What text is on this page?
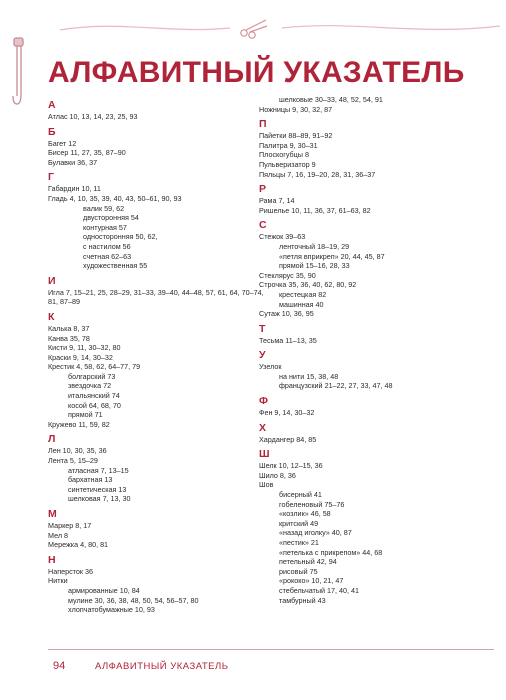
АЛФАВИТНЫЙ УКАЗАТЕЛЬ
А
Атлас 10, 13, 14, 23, 25, 93
Б
Багет 12
Бисер 11, 27, 35, 87–90
Булавки 36, 37
Г
Габардин 10, 11
Гладь 4, 10, 35, 39, 40, 43, 50–61, 90, 93
валик 59, 62
двусторонняя 54
контурная 57
односторонняя 50, 62,
с настилом 56
счетная 62–63
художественная 55
И
Игла 7, 15–21, 25, 28–29, 31–33, 39–40, 44–48, 57, 61, 64, 70–74, 81, 87–89
К
Калька 8, 37
Канва 35, 78
Кисти 9, 11, 30–32, 80
Краски 9, 14, 30–32
Крестик 4, 58, 62, 64–77, 79
болгарский 73
звездочка 72
итальянский 74
косой 64, 68, 70
прямой 71
Кружево 11, 59, 82
Л
Лен 10, 30, 35, 36
Лента 5, 15–29
атласная 7, 13–15
бархатная 13
синтетическая 13
шелковая 7, 13, 30
М
Маркер 8, 17
Мел 8
Мережка 4, 80, 81
Н
Наперсток 36
Нитки
армированные 10, 84
мулине 30, 36, 38, 48, 50, 54, 56–57, 80
хлопчатобумажные 10, 93
шелковые 30–33, 48, 52, 54, 91
Ножницы 9, 30, 32, 87
П
Пайетки 88–89, 91–92
Палитра 9, 30–31
Плоскогубцы 8
Пульверизатор 9
Пяльцы 7, 16, 19–20, 28, 31, 36–37
Р
Рама 7, 14
Ришелье 10, 11, 36, 37, 61–63, 82
С
Стежок 39–63
ленточный 18–19, 29
«петля вприкреп» 20, 44, 45, 87
прямой 15–16, 28, 33
Стеклярус 35, 90
Строчка 35, 36, 40, 62, 80, 92
крестецкая 82
машинная 40
Сутаж 10, 36, 95
Т
Тесьма 11–13, 35
У
Узелок
на нити 15, 38, 48
французский 21–22, 27, 33, 47, 48
Ф
Фен 9, 14, 30–32
Х
Хардангер 84, 85
Ш
Шелк 10, 12–15, 36
Шило 8, 36
Шов
бисерный 41
гобеленовый 75–76
«козлик» 46, 58
критский 49
«назад иголку» 40, 87
«пестик» 21
«петелька с прикрепом» 44, 68
петельный 42, 94
рисовый 75
«рококо» 10, 21, 47
стебельчатый 17, 40, 41
тамбурный 43
94	АЛФАВИТНЫЙ УКАЗАТЕЛЬ
